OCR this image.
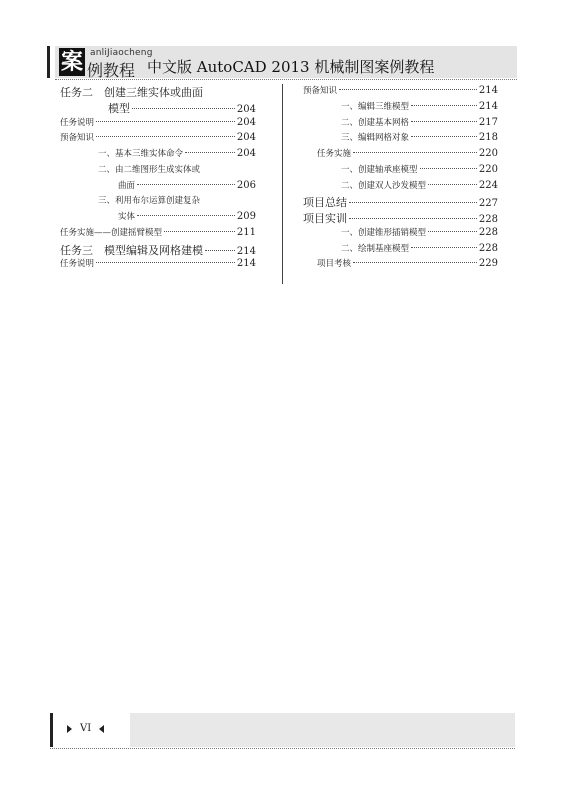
案 anliJiaocheng
例教程 中文版 AutoCAD 2013 机械制图案例教程
任务二　创建三维实体或曲面
模型	204
任务说明	204
预备知识	204
一、基本三维实体命令	204
二、由二维图形生成实体或
曲面	206
三、利用布尔运算创建复杂
实体	209
任务实施——创建摇臂模型	211
任务三　模型编辑及网格建模	214
任务说明	214
预备知识	214
一、编辑三维模型	214
二、创建基本网格	217
三、编辑网格对象	218
任务实施	220
一、创建轴承座模型	220
二、创建双人沙发模型	224
项目总结	227
项目实训	228
一、创建锥形插销模型	228
二、绘制基座模型	228
项目考核	229
VI
